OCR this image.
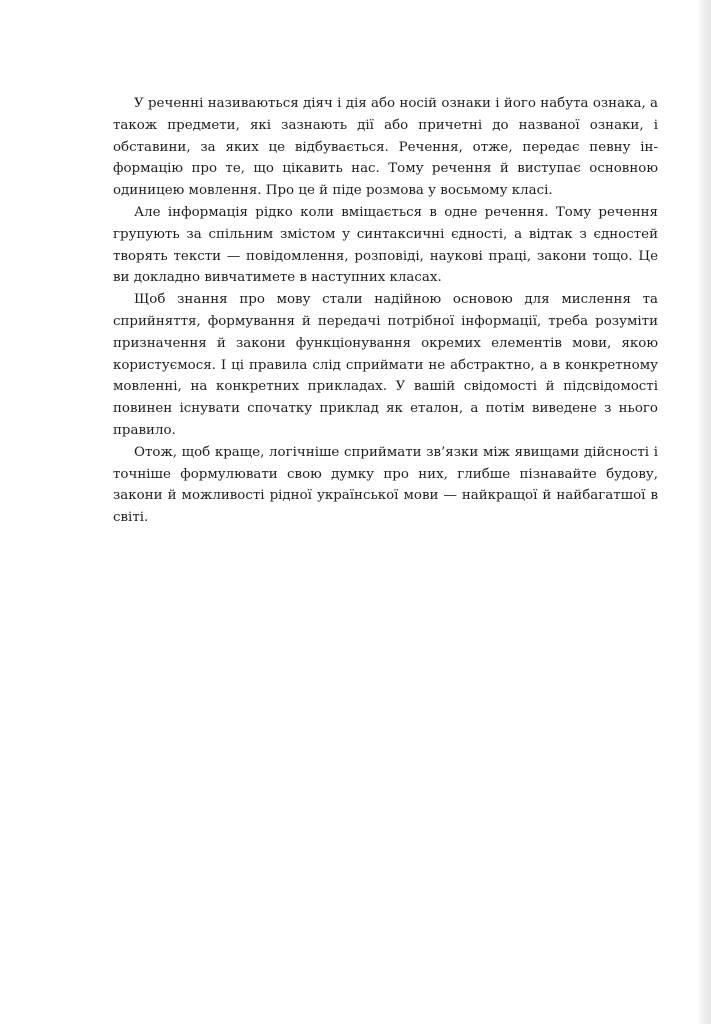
У реченні називаються діяч і дія або носій ознаки і його набута ознака, а також предмети, які зазнають дії або причетні до названої ознаки, і обставини, за яких це відбувається. Речення, отже, передає певну інформацію про те, що цікавить нас. Тому речення й виступає основною одиницею мовлення. Про це й піде розмова у восьмому класі.

Але інформація рідко коли вміщається в одне речення. Тому речення групують за спільним змістом у синтаксичні єдності, а відтак з єдностей творять тексти — повідомлення, розповіді, наукові праці, закони тощо. Це ви докладно вивчатимете в наступних класах.

Щоб знання про мову стали надійною основою для мислення та сприйняття, формування й передачі потрібної інформації, треба розуміти призначення й закони функціонування окремих елементів мови, якою користуємося. І ці правила слід сприймати не абстрактно, а в конкретному мовленні, на конкретних прикладах. У вашій свідомості й підсвідомості повинен існувати спочатку приклад як еталон, а потім виведене з нього правило.

Отож, щоб краще, логічніше сприймати зв’язки між явищами дійсності і точніше формулювати свою думку про них, глибше пізнавайте будову, закони й можливості рідної української мови — найкращої й найбагатшої в світі.
